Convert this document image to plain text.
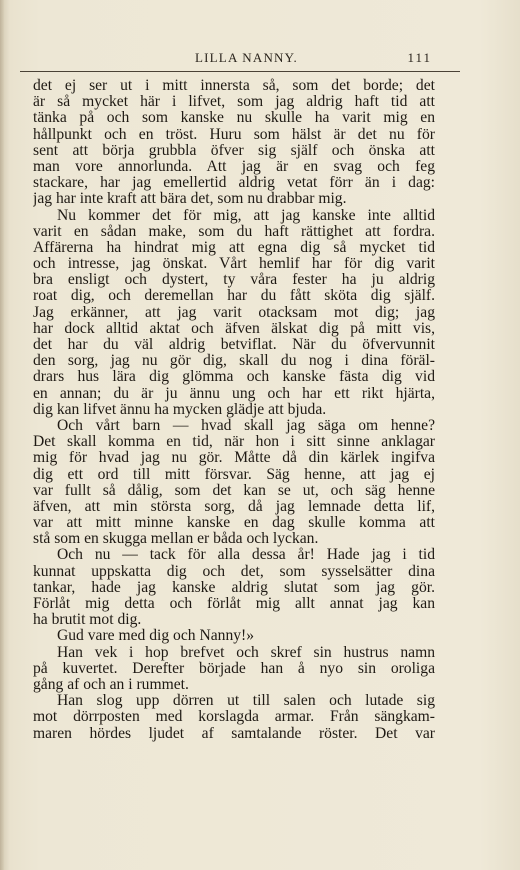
LILLA NANNY.	111
det ej ser ut i mitt innersta så, som det borde; det
är så mycket här i lifvet, som jag aldrig haft tid att
tänka på och som kanske nu skulle ha varit mig en
hållpunkt och en tröst. Huru som hälst är det nu för
sent att börja grubbla öfver sig själf och önska att
man vore annorlunda. Att jag är en svag och feg
stackare, har jag emellertid aldrig vetat förr än i dag:
jag har inte kraft att bära det, som nu drabbar mig.
Nu kommer det för mig, att jag kanske inte alltid
varit en sådan make, som du haft rättighet att fordra.
Affärerna ha hindrat mig att egna dig så mycket tid
och intresse, jag önskat. Vårt hemlif har för dig varit
bra ensligt och dystert, ty våra fester ha ju aldrig
roat dig, och deremellan har du fått sköta dig själf.
Jag erkänner, att jag varit otacksam mot dig; jag
har dock alltid aktat och äfven älskat dig på mitt vis,
det har du väl aldrig betviflat. När du öfvervunnit
den sorg, jag nu gör dig, skall du nog i dina föräl-
drars hus lära dig glömma och kanske fästa dig vid
en annan; du är ju ännu ung och har ett rikt hjärta,
dig kan lifvet ännu ha mycken glädje att bjuda.
Och vårt barn — hvad skall jag säga om henne?
Det skall komma en tid, när hon i sitt sinne anklagar
mig för hvad jag nu gör. Måtte då din kärlek ingifva
dig ett ord till mitt försvar. Säg henne, att jag ej
var fullt så dålig, som det kan se ut, och säg henne
äfven, att min största sorg, då jag lemnade detta lif,
var att mitt minne kanske en dag skulle komma att
stå som en skugga mellan er båda och lyckan.
Och nu — tack för alla dessa år! Hade jag i tid
kunnat uppskatta dig och det, som sysselsätter dina
tankar, hade jag kanske aldrig slutat som jag gör.
Förlåt mig detta och förlåt mig allt annat jag kan
ha brutit mot dig.
Gud vare med dig och Nanny!»
Han vek i hop brefvet och skref sin hustrus namn
på kuvertet. Derefter började han å nyo sin oroliga
gång af och an i rummet.
Han slog upp dörren ut till salen och lutade sig
mot dörrposten med korslagda armar. Från sängkam-
maren hördes ljudet af samtalande röster. Det var
